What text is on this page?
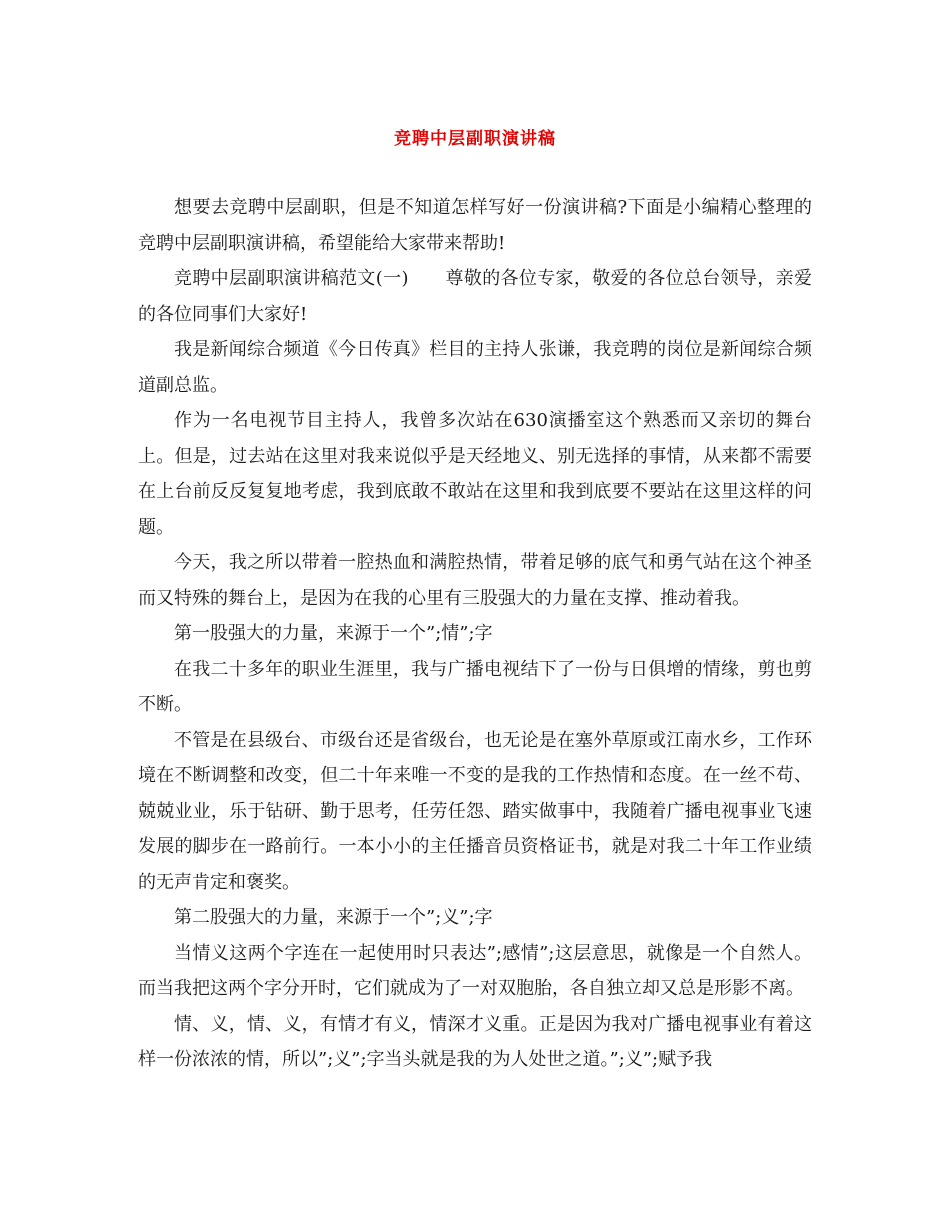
竞聘中层副职演讲稿

想要去竞聘中层副职，但是不知道怎样写好一份演讲稿?下面是小编精心整理的竞聘中层副职演讲稿，希望能给大家带来帮助!

竞聘中层副职演讲稿范文(一)　　尊敬的各位专家，敬爱的各位总台领导，亲爱的各位同事们大家好!

我是新闻综合频道《今日传真》栏目的主持人张谦，我竞聘的岗位是新闻综合频道副总监。

作为一名电视节目主持人，我曾多次站在630演播室这个熟悉而又亲切的舞台上。但是，过去站在这里对我来说似乎是天经地义、别无选择的事情，从来都不需要在上台前反反复复地考虑，我到底敢不敢站在这里和我到底要不要站在这里这样的问题。

今天，我之所以带着一腔热血和满腔热情，带着足够的底气和勇气站在这个神圣而又特殊的舞台上，是因为在我的心里有三股强大的力量在支撑、推动着我。

第一股强大的力量，来源于一个”;情”;字

在我二十多年的职业生涯里，我与广播电视结下了一份与日俱增的情缘，剪也剪不断。

不管是在县级台、市级台还是省级台，也无论是在塞外草原或江南水乡，工作环境在不断调整和改变，但二十年来唯一不变的是我的工作热情和态度。在一丝不苟、兢兢业业，乐于钻研、勤于思考，任劳任怨、踏实做事中，我随着广播电视事业飞速发展的脚步在一路前行。一本小小的主任播音员资格证书，就是对我二十年工作业绩的无声肯定和褒奖。

第二股强大的力量，来源于一个”;义”;字

当情义这两个字连在一起使用时只表达”;感情”;这层意思，就像是一个自然人。而当我把这两个字分开时，它们就成为了一对双胞胎，各自独立却又总是形影不离。

情、义，情、义，有情才有义，情深才义重。正是因为我对广播电视事业有着这样一份浓浓的情，所以”;义”;字当头就是我的为人处世之道。”;义”;赋予我
